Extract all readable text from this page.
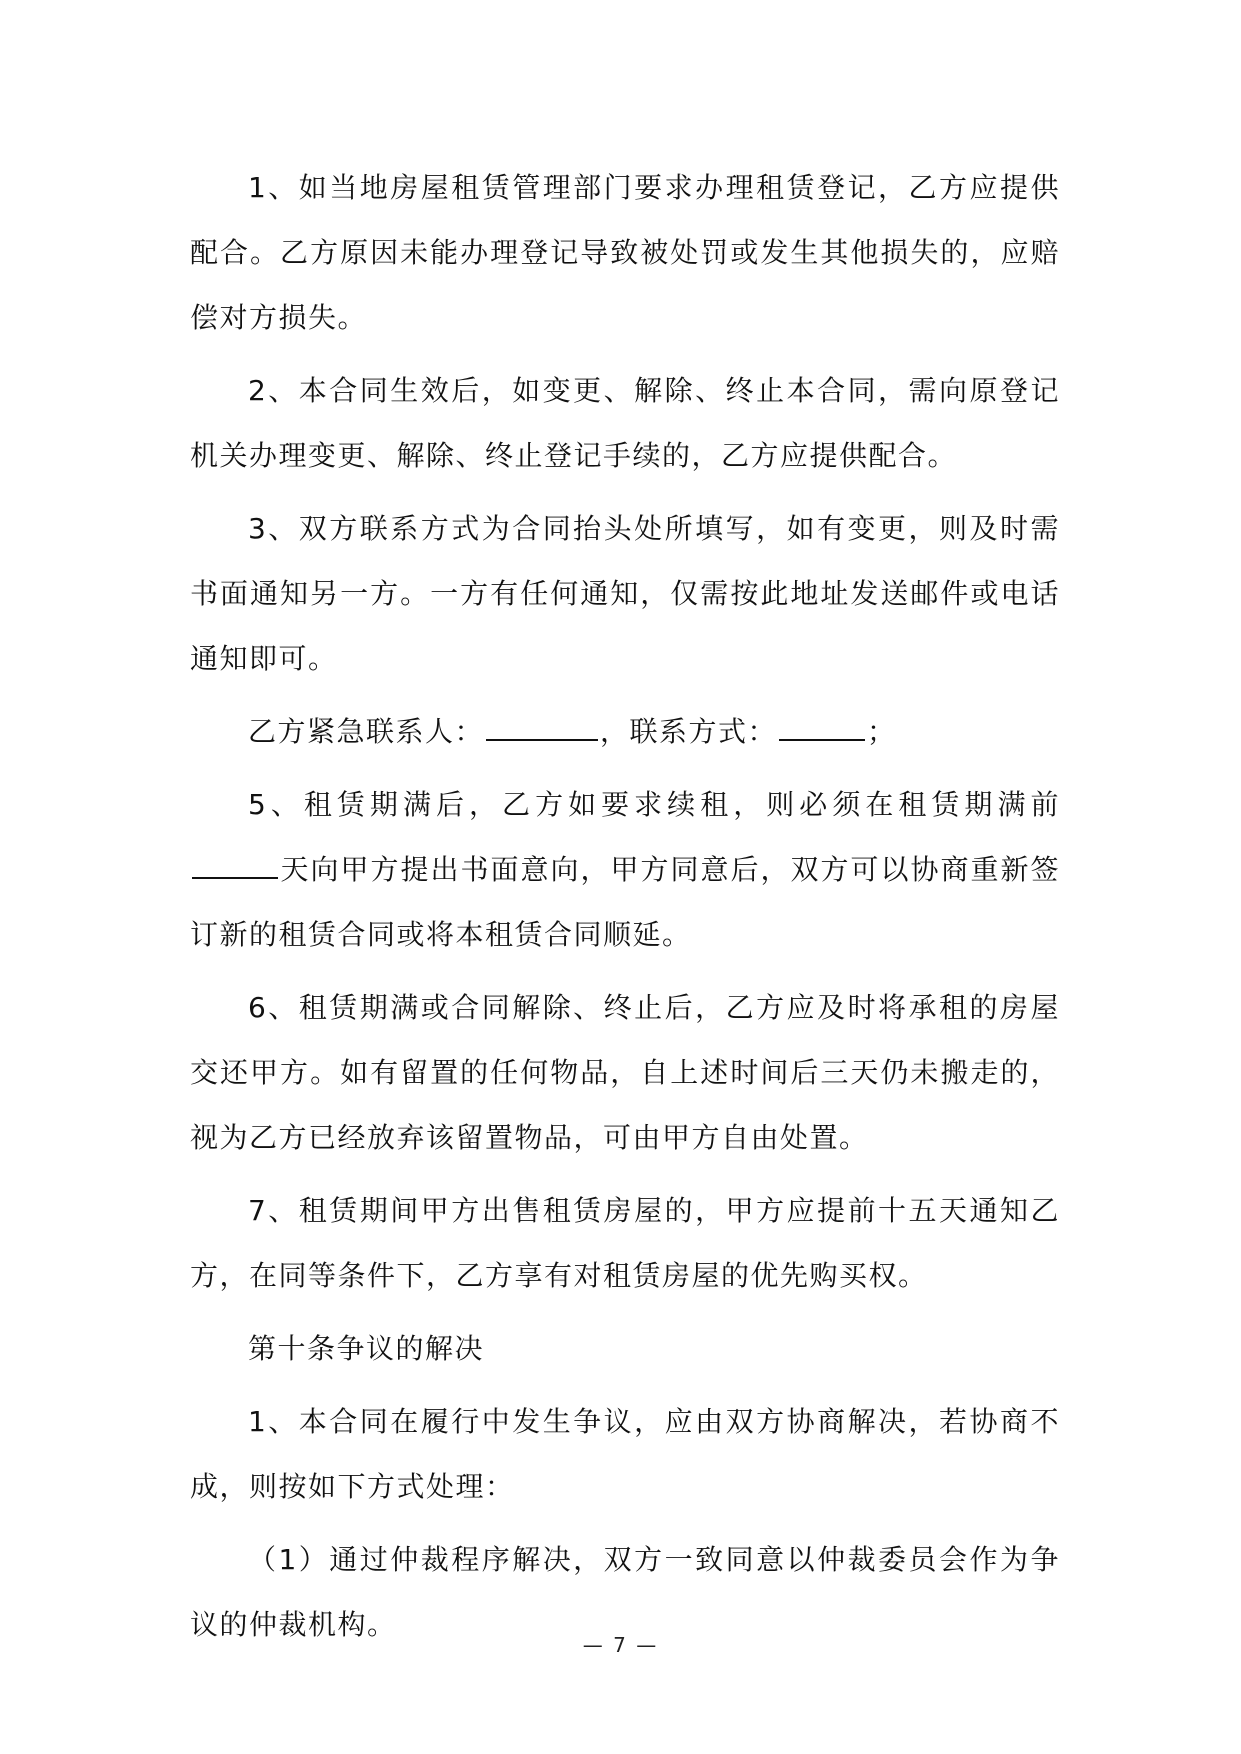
1、如当地房屋租赁管理部门要求办理租赁登记，乙方应提供配合。乙方原因未能办理登记导致被处罚或发生其他损失的，应赔偿对方损失。

2、本合同生效后，如变更、解除、终止本合同，需向原登记机关办理变更、解除、终止登记手续的，乙方应提供配合。

3、双方联系方式为合同抬头处所填写，如有变更，则及时需书面通知另一方。一方有任何通知，仅需按此地址发送邮件或电话通知即可。

乙方紧急联系人：	，联系方式：	；

5、租赁期满后，乙方如要求续租，则必须在租赁期满前天向甲方提出书面意向，甲方同意后，双方可以协商重新签订新的租赁合同或将本租赁合同顺延。

6、租赁期满或合同解除、终止后，乙方应及时将承租的房屋交还甲方。如有留置的任何物品，自上述时间后三天仍未搬走的，视为乙方已经放弃该留置物品，可由甲方自由处置。

7、租赁期间甲方出售租赁房屋的，甲方应提前十五天通知乙方，在同等条件下，乙方享有对租赁房屋的优先购买权。

第十条争议的解决

1、本合同在履行中发生争议，应由双方协商解决，若协商不成，则按如下方式处理：

（1）通过仲裁程序解决，双方一致同意以仲裁委员会作为争议的仲裁机构。

— 7 —
